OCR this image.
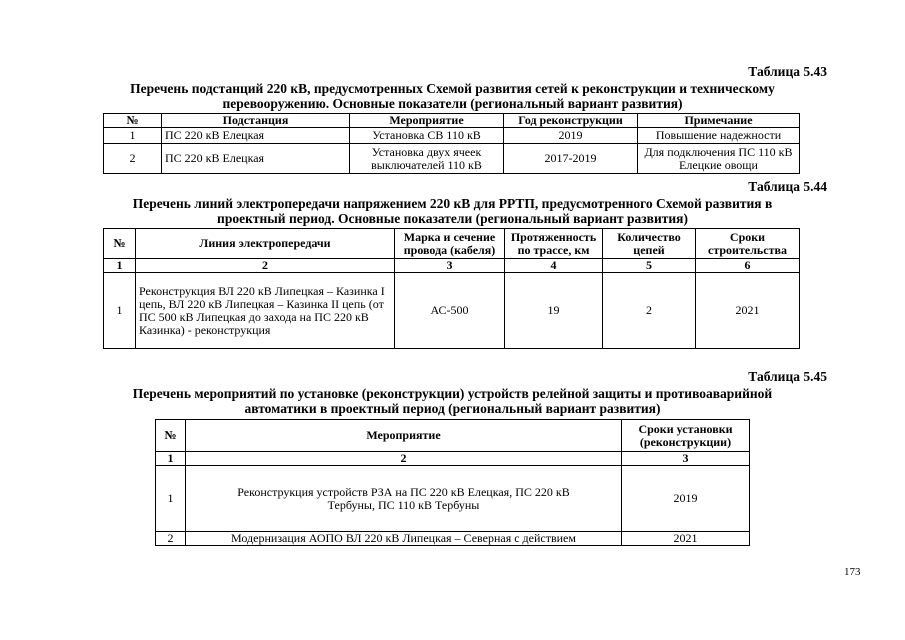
Таблица 5.43
Перечень подстанций 220 кВ, предусмотренных Схемой развития сетей к реконструкции и техническому
перевооружению. Основные показатели (региональный вариант развития)
№	Подстанция	Мероприятие	Год реконструкции	Примечание
1	ПС 220 кВ Елецкая	Установка СВ 110 кВ	2019	Повышение надежности
2	ПС 220 кВ Елецкая	Установка двух ячеек выключателей 110 кВ	2017-2019	Для подключения ПС 110 кВ Елецкие овощи
Таблица 5.44
Перечень линий электропередачи напряжением 220 кВ для РРТП, предусмотренного Схемой развития в
проектный период. Основные показатели (региональный вариант развития)
№	Линия электропередачи	Марка и сечение провода (кабеля)	Протяженность по трассе, км	Количество цепей	Сроки строительства
1	2	3	4	5	6
1	Реконструкция ВЛ 220 кВ Липецкая – Казинка I цепь, ВЛ 220 кВ Липецкая – Казинка II цепь (от ПС 500 кВ Липецкая до захода на ПС 220 кВ Казинка) - реконструкция	АС-500	19	2	2021
Таблица 5.45
Перечень мероприятий по установке (реконструкции) устройств релейной защиты и противоаварийной
автоматики в проектный период (региональный вариант развития)
№	Мероприятие	Сроки установки (реконструкции)
1	2	3
1	Реконструкция устройств РЗА на ПС 220 кВ Елецкая, ПС 220 кВ Тербуны, ПС 110 кВ Тербуны	2019
2	Модернизация АОПО ВЛ 220 кВ Липецкая – Северная с действием	2021
173
